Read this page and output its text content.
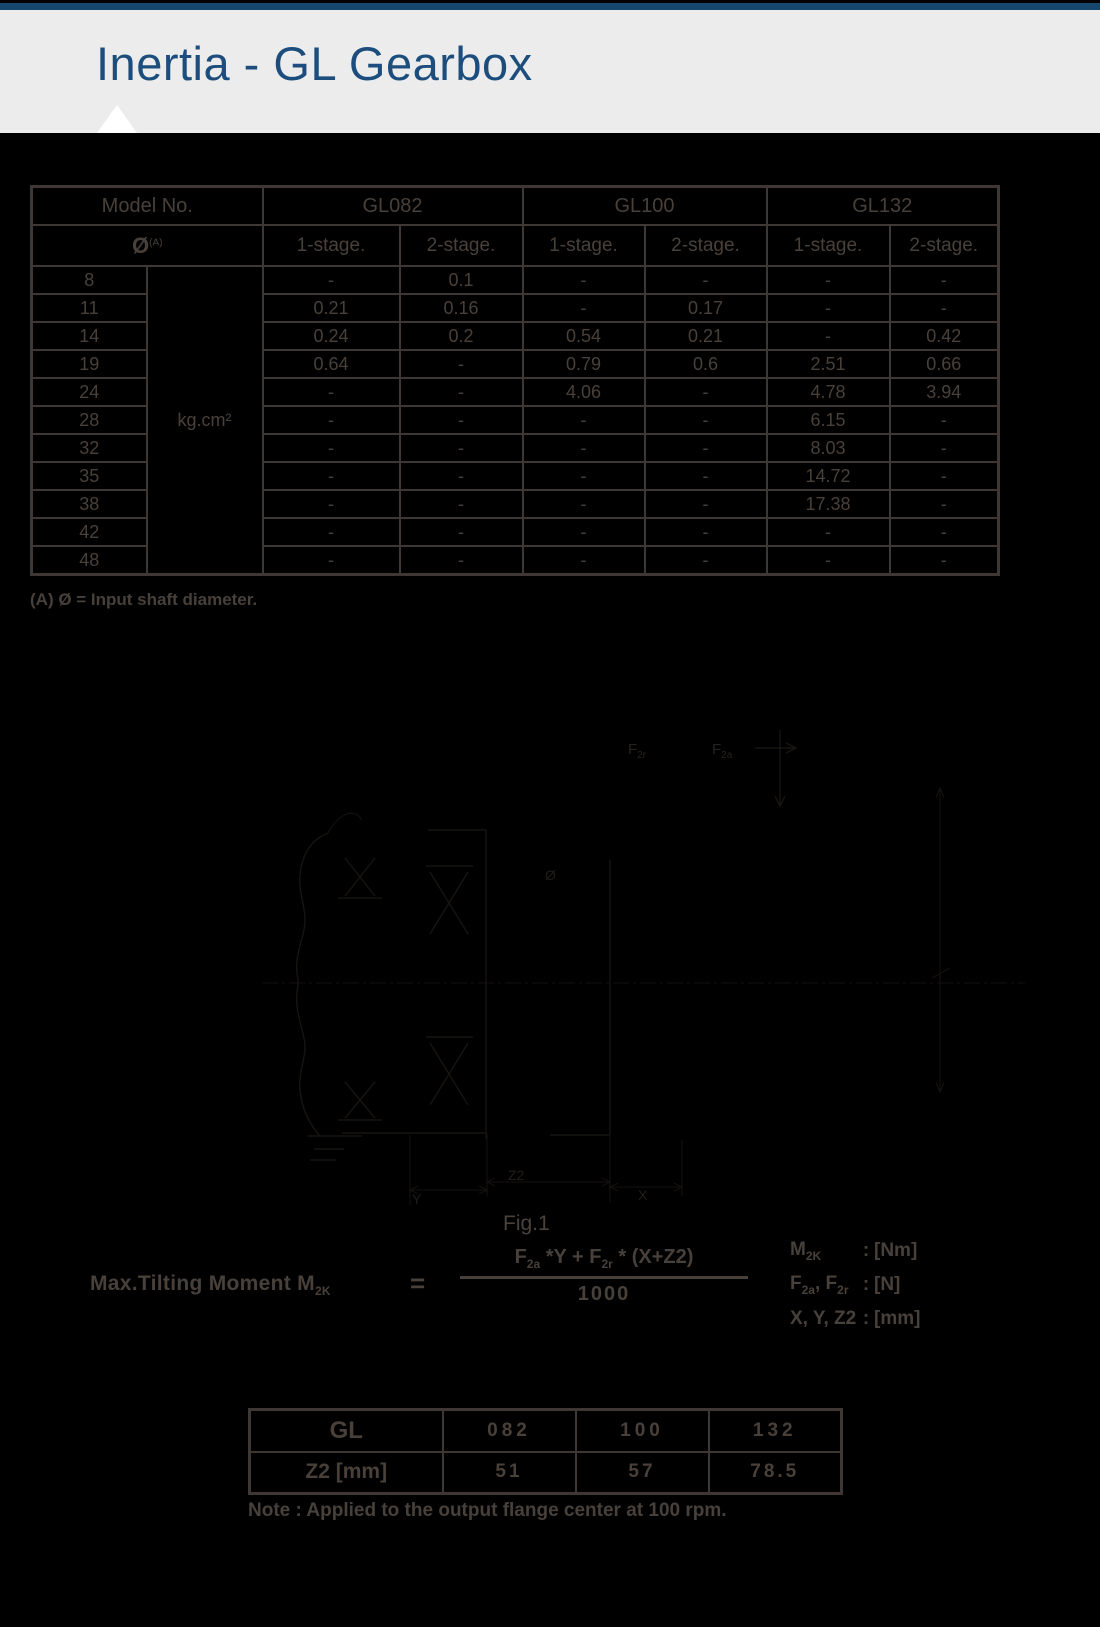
Inertia - GL Gearbox
Model No.		GL082		GL100		GL132	
$Ø^{(A)}$		1-stage.	2-stage.	1-stage.	2-stage.	1-stage.	2-stage.
8	kg.cm²	-	0.1	-	-	-	-
11		0.21	0.16	-	0.17	-	-
14		0.24	0.2	0.54	0.21	-	0.42
19		0.64	-	0.79	0.6	2.51	0.66
24		-	-	4.06	-	4.78	3.94
28		-	-	-	-	6.15	-
32		-	-	-	-	8.03	-
35		-	-	-	-	14.72	-
38		-	-	-	-	17.38	-
42		-	-	-	-	-	-
48		-	-	-	-	-	-
(A) Ø = Input shaft diameter.
$F_{2r}$	$F_{2a}$
Ø
Y
Z2
X
Fig.1
Max.Tilting Moment $M_{2K}$	=
$F_{2a}$ $*Y + F_{2r} * (X+Z2)$
1000
$M_{2K}$	: [Nm]
$F_{2a}$, $F_{2r}$ : [N]
X, Y, Z2 : [mm]
GL	082	100	132
Z2 [mm]	51	57	78.5
Note : Applied to the output flange center at 100 rpm.
